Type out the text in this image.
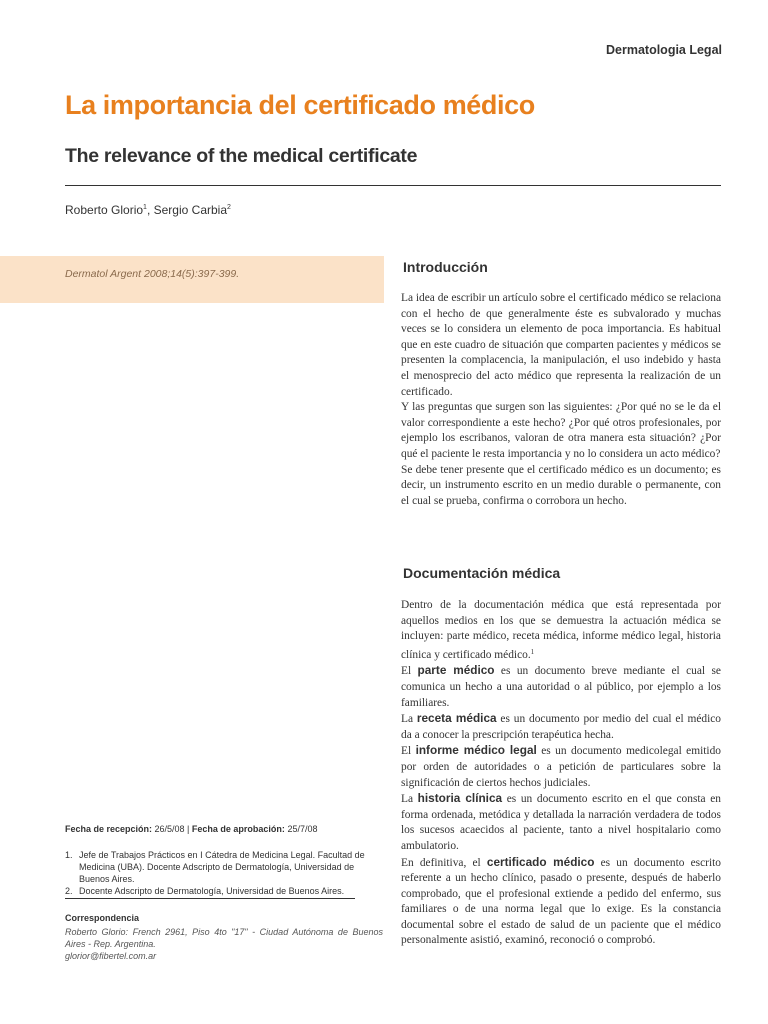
Dermatologia Legal
La importancia del certificado médico
The relevance of the medical certificate
Roberto Glorio$^1$, Sergio Carbia$^2$
Dermatol Argent 2008;14(5):397-399.	Introducción

La idea de escribir un artículo sobre el certificado médico se relaciona con el hecho de que generalmente éste es subvalorado y muchas veces se lo considera un elemento de poca importancia. Es habitual que en este cuadro de situación que comparten pacientes y médicos se presenten la complacencia, la manipulación, el uso indebido y hasta el menosprecio del acto médico que representa la realización de un certificado.

Y las preguntas que surgen son las siguientes: ¿Por qué no se le da el valor correspondiente a este hecho? ¿Por qué otros profesionales, por ejemplo los escribanos, valoran de otra manera esta situación? ¿Por qué el paciente le resta importancia y no lo considera un acto médico?

Se debe tener presente que el certificado médico es un documento; es decir, un instrumento escrito en un medio durable o permanente, con el cual se prueba, confirma o corrobora un hecho.

Documentación médica

Dentro de la documentación médica que está representada por aquellos medios en los que se demuestra la actuación médica se incluyen: parte médico, receta médica, informe médico legal, historia clínica y certificado médico.$^1$

El parte médico es un documento breve mediante el cual se comunica un hecho a una autoridad o al público, por ejemplo a los familiares.

La receta médica es un documento por medio del cual el médico da a conocer la prescripción terapéutica hecha.

El informe médico legal es un documento medicolegal emitido por orden de autoridades o a petición de particulares sobre la significación de ciertos hechos judiciales.

La historia clínica es un documento escrito en el que consta en forma ordenada, metódica y detallada la narración verdadera de todos los sucesos acaecidos al paciente, tanto a nivel hospitalario como ambulatorio.

En definitiva, el certificado médico es un documento escrito referente a un hecho clínico, pasado o presente, después de haberlo comprobado, que el profesional extiende a pedido del enfermo, sus familiares o de una norma legal que lo exige. Es la constancia documental sobre el estado de salud de un paciente que el médico personalmente asistió, examinó, reconoció o comprobó.

Fecha de recepción: 26/5/08 | Fecha de aprobación: 25/7/08
1. Jefe de Trabajos Prácticos en I Cátedra de Medicina Legal. Facultad de Medicina (UBA). Docente Adscripto de Dermatología, Universidad de Buenos Aires.
2. Docente Adscripto de Dermatología, Universidad de Buenos Aires.
Correspondencia
Roberto Glorio: French 2961, Piso 4to "17" - Ciudad Autónoma de Buenos Aires - Rep. Argentina.
glorior@fibertel.com.ar
